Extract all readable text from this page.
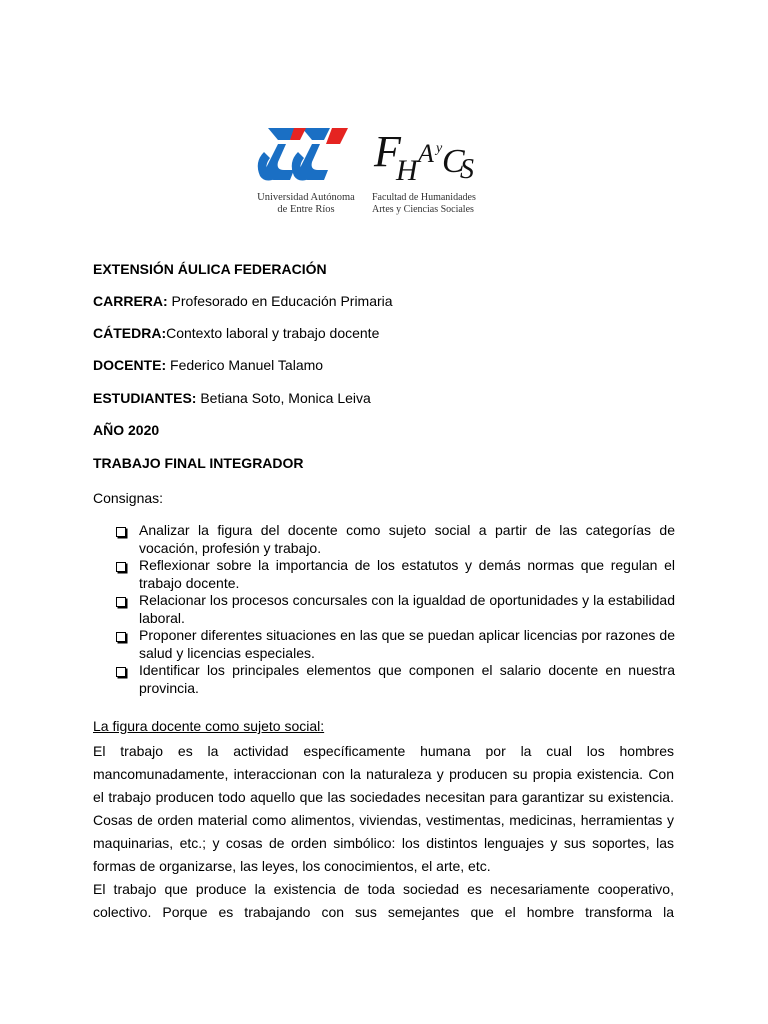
Universidad Autónoma
de Entre Ríos
F
H
A y C
S
Facultad de Humanidades
Artes y Ciencias Sociales
EXTENSIÓN ÁULICA FEDERACIÓN
CARRERA: Profesorado en Educación Primaria
CÁTEDRA:Contexto laboral y trabajo docente
DOCENTE: Federico Manuel Talamo
ESTUDIANTES: Betiana Soto, Monica Leiva
AÑO 2020
TRABAJO FINAL INTEGRADOR
Consignas:
Analizar la figura del docente como sujeto social a partir de las categorías de vocación, profesión y trabajo.
Reflexionar sobre la importancia de los estatutos y demás normas que regulan el trabajo docente.
Relacionar los procesos concursales con la igualdad de oportunidades y la estabilidad laboral.
Proponer diferentes situaciones en las que se puedan aplicar licencias por razones de salud y licencias especiales.
Identificar los principales elementos que componen el salario docente en nuestra provincia.
La figura docente como sujeto social:

El trabajo es la actividad específicamente humana por la cual los hombres mancomunadamente, interaccionan con la naturaleza y producen su propia existencia. Con el trabajo producen todo aquello que las sociedades necesitan para garantizar su existencia. Cosas de orden material como alimentos, viviendas, vestimentas, medicinas, herramientas y maquinarias, etc.; y cosas de orden simbólico: los distintos lenguajes y sus soportes, las formas de organizarse, las leyes, los conocimientos, el arte, etc.

El trabajo que produce la existencia de toda sociedad es necesariamente cooperativo, colectivo. Porque es trabajando con sus semejantes que el hombre transforma la
